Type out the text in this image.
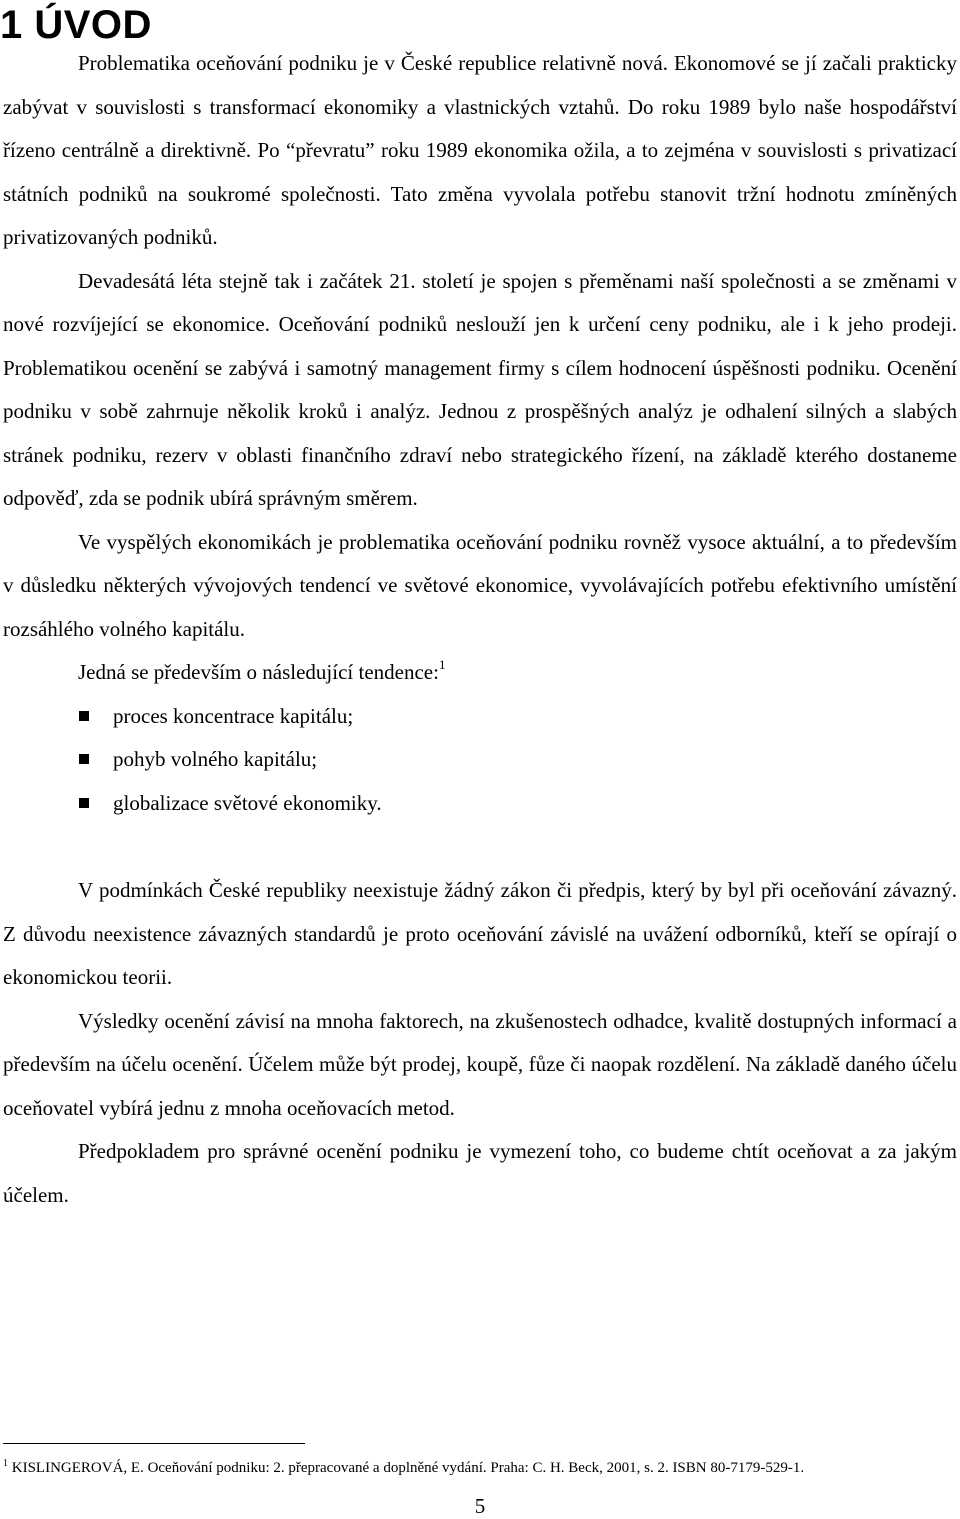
1 ÚVOD

Problematika oceňování podniku je v České republice relativně nová. Ekonomové se jí začali prakticky zabývat v souvislosti s transformací ekonomiky a vlastnických vztahů. Do roku 1989 bylo naše hospodářství řízeno centrálně a direktivně. Po “převratu” roku 1989 ekonomika ožila, a to zejména v souvislosti s privatizací státních podniků na soukromé společnosti. Tato změna vyvolala potřebu stanovit tržní hodnotu zmíněných privatizovaných podniků.

Devadesátá léta stejně tak i začátek 21. století je spojen s přeměnami naší společnosti a se změnami v nové rozvíjející se ekonomice. Oceňování podniků neslouží jen k určení ceny podniku, ale i k jeho prodeji. Problematikou ocenění se zabývá i samotný management firmy s cílem hodnocení úspěšnosti podniku. Ocenění podniku v sobě zahrnuje několik kroků i analýz. Jednou z prospěšných analýz je odhalení silných a slabých stránek podniku, rezerv v oblasti finančního zdraví nebo strategického řízení, na základě kterého dostaneme odpověď, zda se podnik ubírá správným směrem.

Ve vyspělých ekonomikách je problematika oceňování podniku rovněž vysoce aktuální, a to především v důsledku některých vývojových tendencí ve světové ekonomice, vyvolávajících potřebu efektivního umístění rozsáhlého volného kapitálu.

Jedná se především o následující tendence:$^1$

proces koncentrace kapitálu;
pohyb volného kapitálu;
globalizace světové ekonomiky.

V podmínkách České republiky neexistuje žádný zákon či předpis, který by byl při oceňování závazný. Z důvodu neexistence závazných standardů je proto oceňování závislé na uvážení odborníků, kteří se opírají o ekonomickou teorii.

Výsledky ocenění závisí na mnoha faktorech, na zkušenostech odhadce, kvalitě dostupných informací a především na účelu ocenění. Účelem může být prodej, koupě, fůze či naopak rozdělení. Na základě daného účelu oceňovatel vybírá jednu z mnoha oceňovacích metod.

Předpokladem pro správné ocenění podniku je vymezení toho, co budeme chtít oceňovat a za jakým účelem.

$^1$ KISLINGEROVÁ, E. Oceňování podniku: 2. přepracované a doplněné vydání. Praha: C. H. Beck, 2001, s. 2. ISBN 80-7179-529-1.

5
